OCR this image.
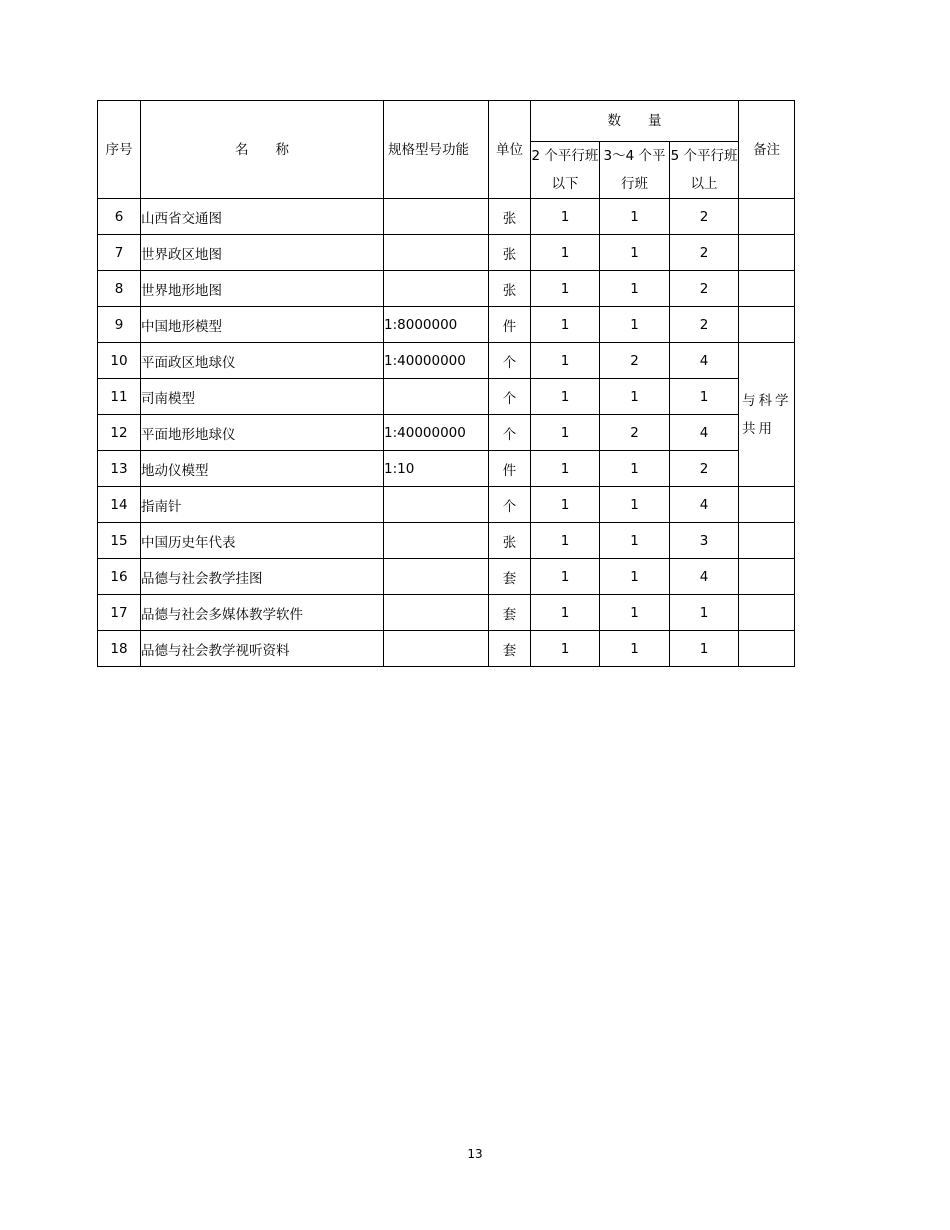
序号	名　　称	规格型号功能	单位	数　　量			备注
				2 个平行班以下	3～4 个平行班	5 个平行班以上	
6	山西省交通图		张	1	1	2	
7	世界政区地图		张	1	1	2	
8	世界地形地图		张	1	1	2	
9	中国地形模型	1:8000000	件	1	1	2	
10	平面政区地球仪	1:40000000	个	1	2	4	与科学共用
11	司南模型		个	1	1	1	
12	平面地形地球仪	1:40000000	个	1	2	4	
13	地动仪模型	1:10	件	1	1	2	
14	指南针		个	1	1	4	
15	中国历史年代表		张	1	1	3	
16	品德与社会教学挂图		套	1	1	4	
17	品德与社会多媒体教学软件		套	1	1	1	
18	品德与社会教学视听资料		套	1	1	1	
13
